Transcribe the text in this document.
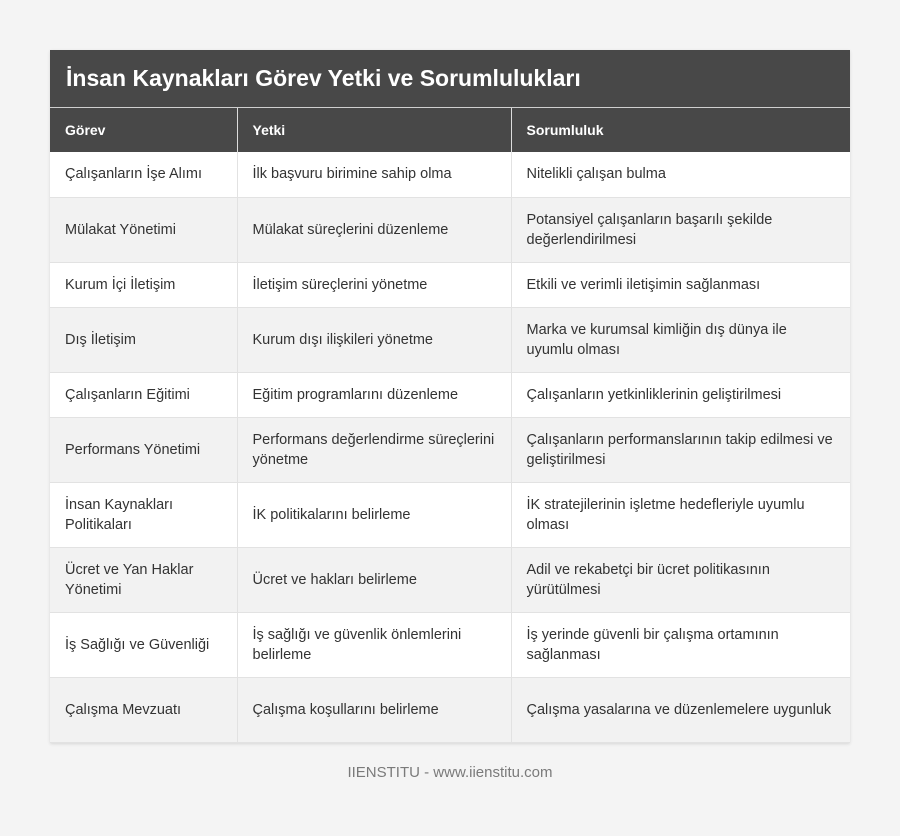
İnsan Kaynakları Görev Yetki ve Sorumlulukları
Görev	Yetki	Sorumluluk
Çalışanların İşe Alımı	İlk başvuru birimine sahip olma	Nitelikli çalışan bulma
Mülakat Yönetimi	Mülakat süreçlerini düzenleme	Potansiyel çalışanların başarılı şekilde değerlendirilmesi
Kurum İçi İletişim	İletişim süreçlerini yönetme	Etkili ve verimli iletişimin sağlanması
Dış İletişim	Kurum dışı ilişkileri yönetme	Marka ve kurumsal kimliğin dış dünya ile uyumlu olması
Çalışanların Eğitimi	Eğitim programlarını düzenleme	Çalışanların yetkinliklerinin geliştirilmesi
Performans Yönetimi	Performans değerlendirme süreçlerini yönetme	Çalışanların performanslarının takip edilmesi ve geliştirilmesi
İnsan Kaynakları Politikaları	İK politikalarını belirleme	İK stratejilerinin işletme hedefleriyle uyumlu olması
Ücret ve Yan Haklar Yönetimi	Ücret ve hakları belirleme	Adil ve rekabetçi bir ücret politikasının yürütülmesi
İş Sağlığı ve Güvenliği	İş sağlığı ve güvenlik önlemlerini belirleme	İş yerinde güvenli bir çalışma ortamının sağlanması
Çalışma Mevzuatı	Çalışma koşullarını belirleme	Çalışma yasalarına ve düzenlemelere uygunluk
IIENSTITU - www.iienstitu.com
